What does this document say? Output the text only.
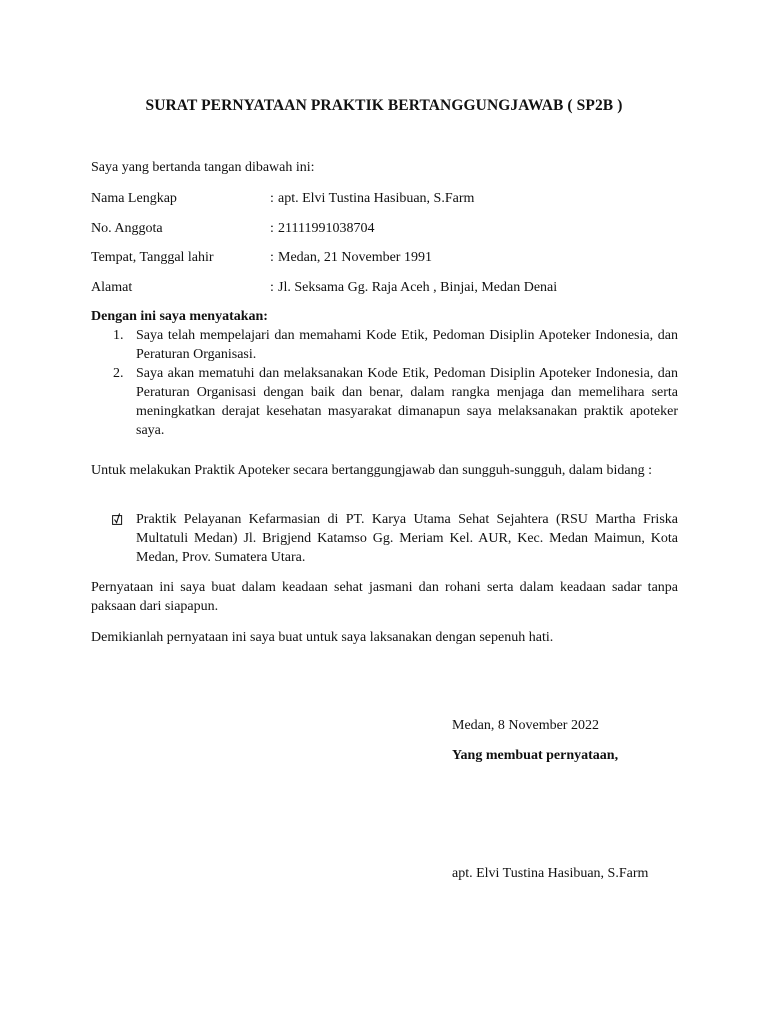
SURAT PERNYATAAN PRAKTIK BERTANGGUNGJAWAB ( SP2B )
Saya yang bertanda tangan dibawah ini:
Nama Lengkap	: apt. Elvi Tustina Hasibuan, S.Farm
No. Anggota	: 21111991038704
Tempat, Tanggal lahir	: Medan, 21 November 1991
Alamat	: Jl. Seksama Gg. Raja Aceh , Binjai, Medan Denai
Dengan ini saya menyatakan:
1. Saya telah mempelajari dan memahami Kode Etik, Pedoman Disiplin Apoteker Indonesia, dan Peraturan Organisasi.
2. Saya akan mematuhi dan melaksanakan Kode Etik, Pedoman Disiplin Apoteker Indonesia, dan Peraturan Organisasi dengan baik dan benar, dalam rangka menjaga dan memelihara serta meningkatkan derajat kesehatan masyarakat dimanapun saya melaksanakan praktik apoteker saya.
Untuk melakukan Praktik Apoteker secara bertanggungjawab dan sungguh-sungguh, dalam bidang :
Praktik Pelayanan Kefarmasian di PT. Karya Utama Sehat Sejahtera (RSU Martha Friska Multatuli Medan) Jl. Brigjend Katamso Gg. Meriam Kel. AUR, Kec. Medan Maimun, Kota Medan, Prov. Sumatera Utara.
Pernyataan ini saya buat dalam keadaan sehat jasmani dan rohani serta dalam keadaan sadar tanpa paksaan dari siapapun.
Demikianlah pernyataan ini saya buat untuk saya laksanakan dengan sepenuh hati.
Medan, 8 November 2022
Yang membuat pernyataan,
apt. Elvi Tustina Hasibuan, S.Farm
